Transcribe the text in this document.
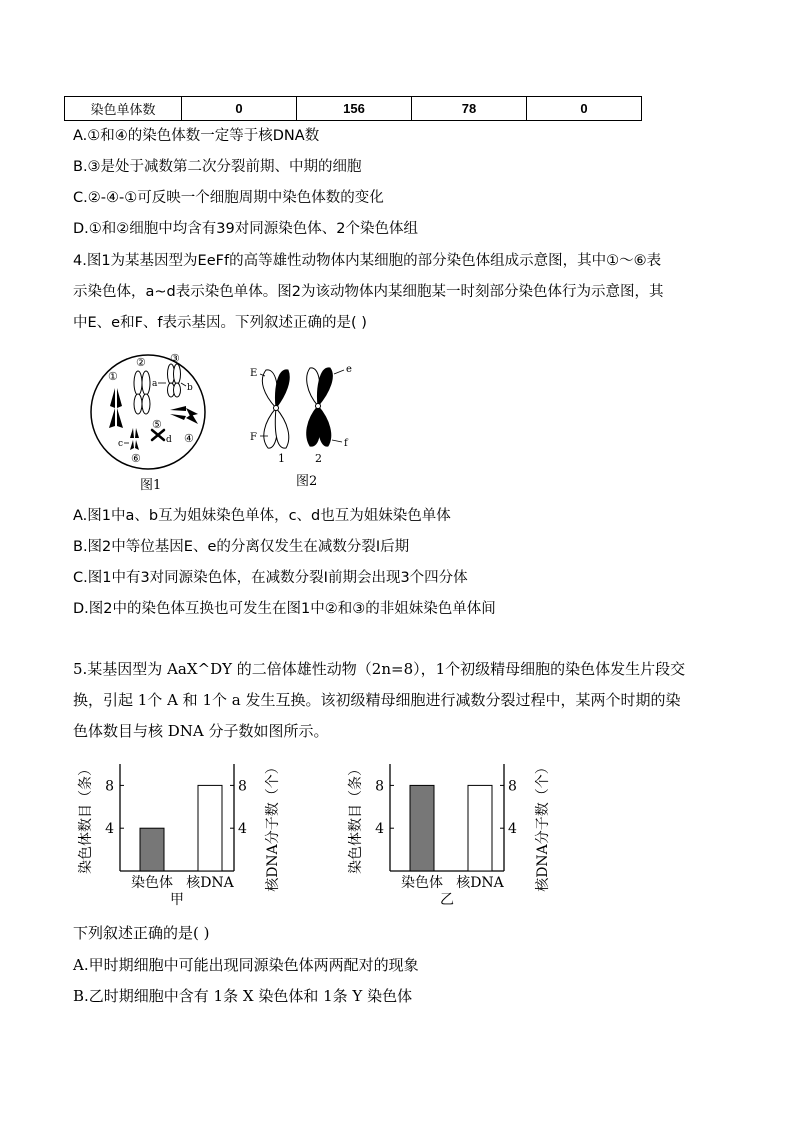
染色单体数	0	156	78	0
A.①和④的染色体数一定等于核DNA数
B.③是处于减数第二次分裂前期、中期的细胞
C.②-④-①可反映一个细胞周期中染色体数的变化
D.①和②细胞中均含有39对同源染色体、2个染色体组
4.图1为某基因型为EeFf的高等雄性动物体内某细胞的部分染色体组成示意图，其中①～⑥表
示染色体，a~d表示染色单体。图2为该动物体内某细胞某一时刻部分染色体行为示意图，其
中E、e和F、f表示基因。下列叙述正确的是( )
①
② ③
④
⑤
⑥
a	b
c	d
图1
E	e
F
f
1	2
图2
A.图1中a、b互为姐妹染色单体，c、d也互为姐妹染色单体
B.图2中等位基因E、e的分离仅发生在减数分裂Ⅰ后期
C.图1中有3对同源染色体，在减数分裂Ⅰ前期会出现3个四分体
D.图2中的染色体互换也可发生在图1中②和③的非姐妹染色单体间
5.某基因型为 AaX^DY 的二倍体雄性动物（2n=8），1个初级精母细胞的染色体发生片段交
换，引起 1个 A 和 1个 a 发生互换。该初级精母细胞进行减数分裂过程中，某两个时期的染
色体数目与核 DNA 分子数如图所示。
4	4
8	8
染色体 核DNA
甲
染色体数目（条）	核DNA分子数（个）	4	4
8	8
染色体 核DNA
乙
染色体数目（条）	核DNA分子数（个）
下列叙述正确的是( )
A.甲时期细胞中可能出现同源染色体两两配对的现象
B.乙时期细胞中含有 1条 X 染色体和 1条 Y 染色体
